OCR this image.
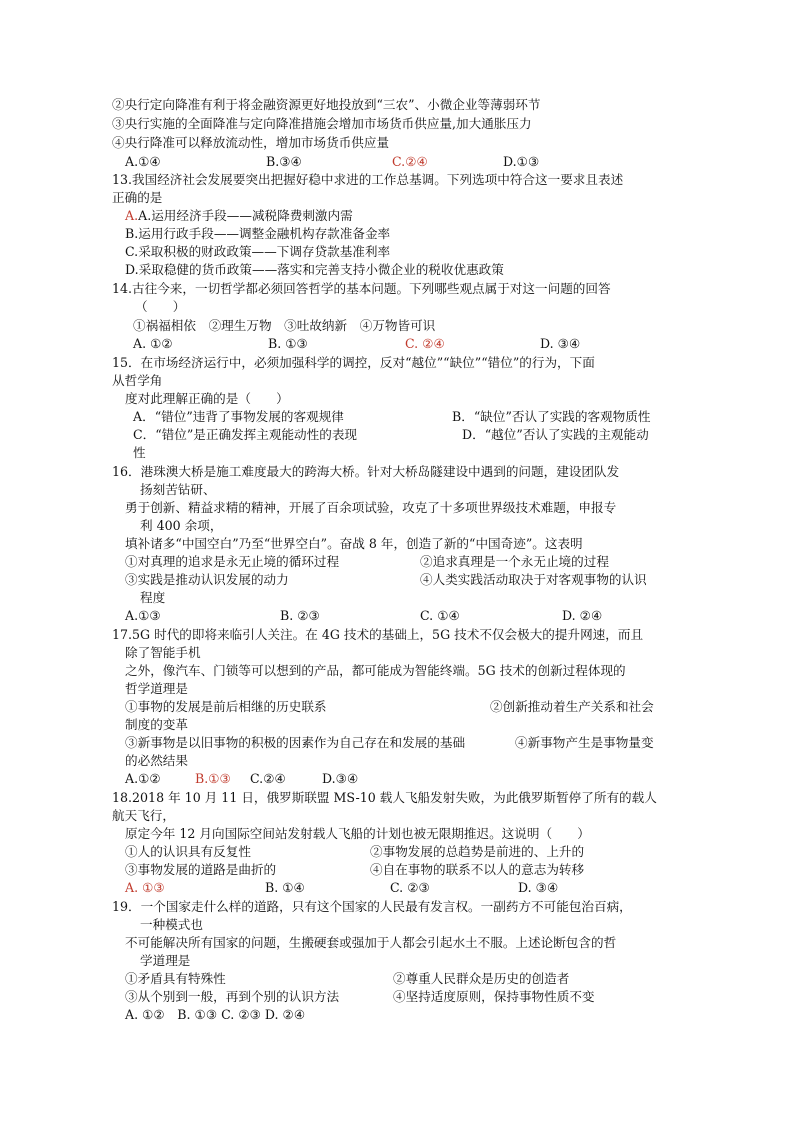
②央行定向降准有利于将金融资源更好地投放到“三农”、小微企业等薄弱环节
③央行实施的全面降准与定向降准措施会增加市场货币供应量,加大通胀压力
④央行降准可以释放流动性，增加市场货币供应量
A.①④	B.③④	C.②④	D.①③
13.我国经济社会发展要突出把握好稳中求进的工作总基调。下列选项中符合这一要求且表述
正确的是
A.A.运用经济手段——减税降费刺激内需
B.运用行政手段——调整金融机构存款准备金率
C.采取积极的财政政策——下调存贷款基准利率
D.采取稳健的货币政策——落实和完善支持小微企业的税收优惠政策
14.古往今来，一切哲学都必须回答哲学的基本问题。下列哪些观点属于对这一问题的回答
（　　）
①祸福相依　②理生万物　③吐故纳新　④万物皆可识
A. ①②	B. ①③	C. ②④	D. ③④
15．在市场经济运行中，必须加强科学的调控，反对“越位”“缺位”“错位”的行为，下面
从哲学角
度对此理解正确的是（　　）
A．“错位”违背了事物发展的客观规律	B．“缺位”否认了实践的客观物质性
C．“错位”是正确发挥主观能动性的表现	D．“越位”否认了实践的主观能动
性
16．港珠澳大桥是施工难度最大的跨海大桥。针对大桥岛隧建设中遇到的问题，建设团队发
扬刻苦钻研、
勇于创新、精益求精的精神，开展了百余项试验，攻克了十多项世界级技术难题，申报专
利 400 余项，
填补诸多“中国空白”乃至“世界空白”。奋战 8 年，创造了新的“中国奇迹”。这表明
①对真理的追求是永无止境的循环过程	②追求真理是一个永无止境的过程
③实践是推动认识发展的动力	④人类实践活动取决于对客观事物的认识
程度
A.①③	B. ②③	C. ①④	D. ②④
17.5G 时代的即将来临引人关注。在 4G 技术的基础上，5G 技术不仅会极大的提升网速，而且
除了智能手机
之外，像汽车、门锁等可以想到的产品，都可能成为智能终端。5G 技术的创新过程体现的
哲学道理是
①事物的发展是前后相继的历史联系	②创新推动着生产关系和社会
制度的变革
③新事物是以旧事物的积极的因素作为自己存在和发展的基础	④新事物产生是事物量变
的必然结果
A.①②	B.①③ C.②④	D.③④
18.2018 年 10 月 11 日，俄罗斯联盟 MS-10 载人飞船发射失败，为此俄罗斯暂停了所有的载人
航天飞行，
原定今年 12 月向国际空间站发射载人飞船的计划也被无限期推迟。这说明（　　）
①人的认识具有反复性	②事物发展的总趋势是前进的、上升的
③事物发展的道路是曲折的	④自在事物的联系不以人的意志为转移
A. ①③	B. ①④	C. ②③	D. ③④
19．一个国家走什么样的道路，只有这个国家的人民最有发言权。一副药方不可能包治百病，
一种模式也
不可能解决所有国家的问题，生搬硬套或强加于人都会引起水土不服。上述论断包含的哲
学道理是
①矛盾具有特殊性	②尊重人民群众是历史的创造者
③从个别到一般，再到个别的认识方法	④坚持适度原则，保持事物性质不变
A. ①②　B. ①③ C. ②③ D. ②④
